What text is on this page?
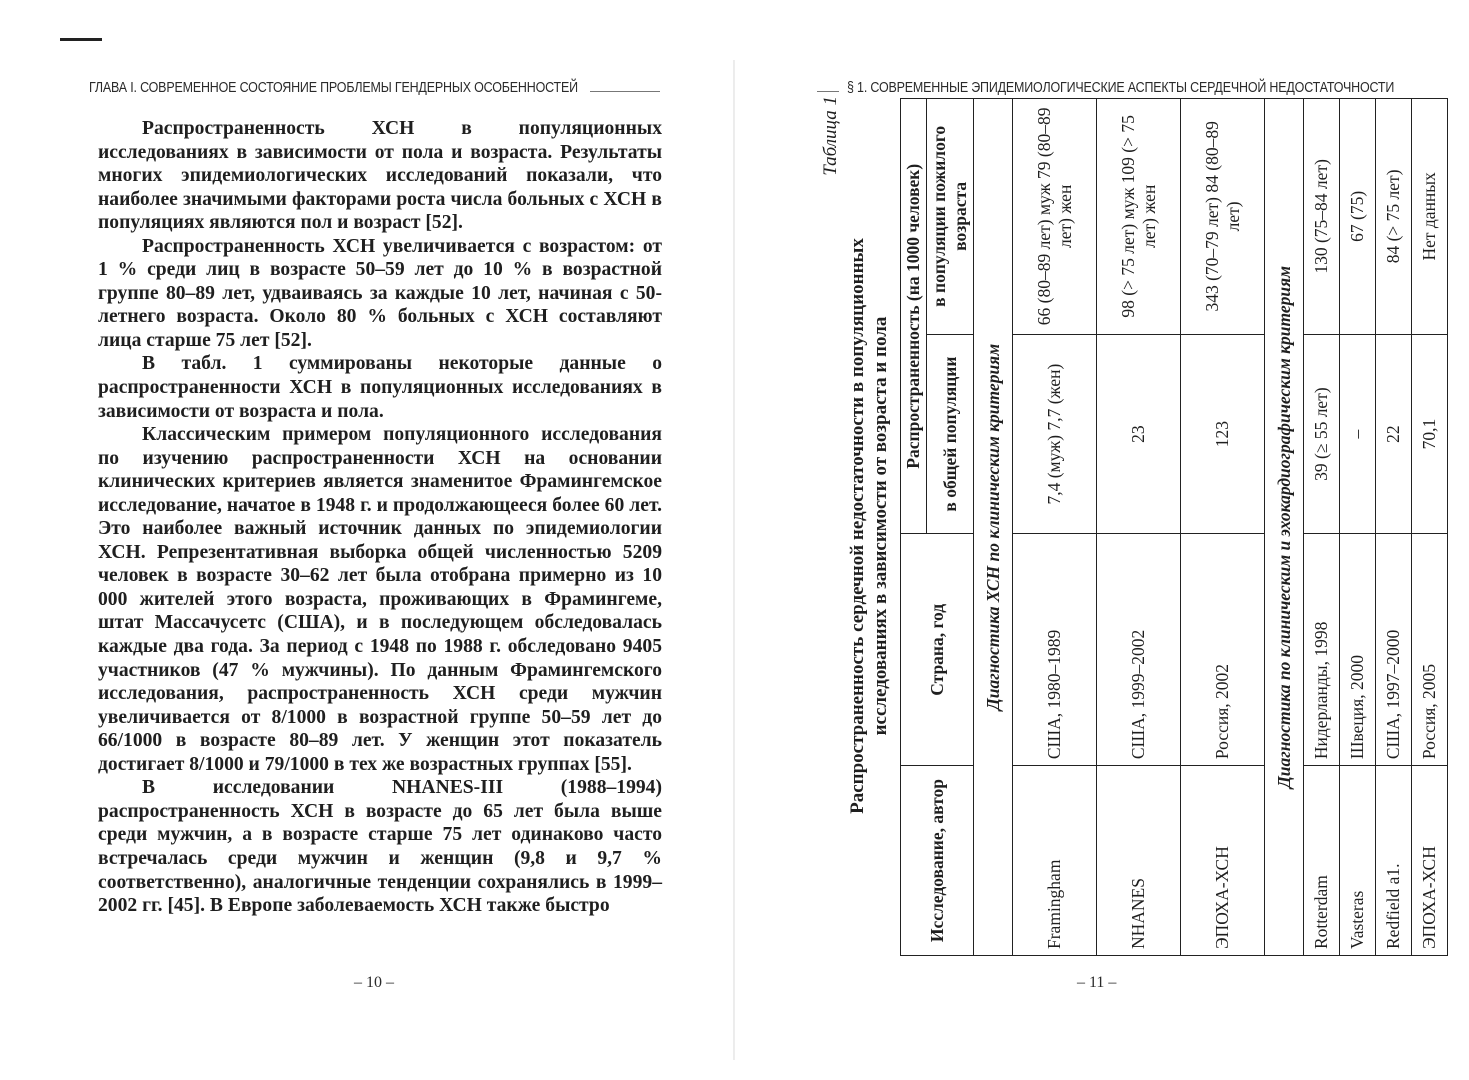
ГЛАВА I. СОВРЕМЕННОЕ СОСТОЯНИЕ ПРОБЛЕМЫ ГЕНДЕРНЫХ ОСОБЕННОСТЕЙ

Распространенность ХСН в популяционных исследованиях в зависимости от пола и возраста. Результаты многих эпидемиологических исследований показали, что наиболее значимыми факторами роста числа больных с ХСН в популяциях являются пол и возраст [52].

Распространенность ХСН увеличивается с возрастом: от 1 % среди лиц в возрасте 50–59 лет до 10 % в возрастной группе 80–89 лет, удваиваясь за каждые 10 лет, начиная с 50-летнего возраста. Около 80 % больных с ХСН составляют лица старше 75 лет [52].

В табл. 1 суммированы некоторые данные о распространенности ХСН в популяционных исследованиях в зависимости от возраста и пола.

Классическим примером популяционного исследования по изучению распространенности ХСН на основании клинических критериев является знаменитое Фрамингемское исследование, начатое в 1948 г. и продолжающееся более 60 лет. Это наиболее важный источник данных по эпидемиологии ХСН. Репрезентативная выборка общей численностью 5209 человек в возрасте 30–62 лет была отобрана примерно из 10 000 жителей этого возраста, проживающих в Фрамингеме, штат Массачусетс (США), и в последующем обследовалась каждые два года. За период с 1948 по 1988 г. обследовано 9405 участников (47 % мужчины). По данным Фрамингемского исследования, распространенность ХСН среди мужчин увеличивается от 8/1000 в возрастной группе 50–59 лет до 66/1000 в возрасте 80–89 лет. У женщин этот показатель достигает 8/1000 и 79/1000 в тех же возрастных группах [55].

В исследовании NHANES-III (1988–1994) распространенность ХСН в возрасте до 65 лет была выше среди мужчин, а в возрасте старше 75 лет одинаково часто встречалась среди мужчин и женщин (9,8 и 9,7 % соответственно), аналогичные тенденции сохранялись в 1999–2002 гг. [45]. В Европе заболеваемость ХСН также быстро

– 10 –
§ 1. СОВРЕМЕННЫЕ ЭПИДЕМИОЛОГИЧЕСКИЕ АСПЕКТЫ СЕРДЕЧНОЙ НЕДОСТАТОЧНОСТИ
Таблица 1
Распространенность сердечной недостаточности в популяционных исследованиях в зависимости от возраста и пола
Исследование, автор	Страна, год	Распространенность (на 1000 человек)	
		в общей популяции	в популяции пожилого возраста
Диагностика ХСН по клиническим критериям			
Framingham	США, 1980–1989	7,4 (муж) 7,7 (жен)	66 (80–89 лет) муж 79 (80–89 лет) жен
NHANES	США, 1999–2002	23	98 (> 75 лет) муж 109 (> 75 лет) жен
ЭПОХА-ХСН	Россия, 2002	123	343 (70–79 лет) 84 (80–89 лет)
Диагностика по клиническим и эхокардиографическим критериям			
Rotterdam	Нидерланды, 1998	39 (≥ 55 лет)	130 (75–84 лет)
Vasteras	Швеция, 2000	–	67 (75)
Redfield a1.	США, 1997–2000	22	84 (> 75 лет)
ЭПОХА-ХСН	Россия, 2005	70,1	Нет данных
– 11 –
